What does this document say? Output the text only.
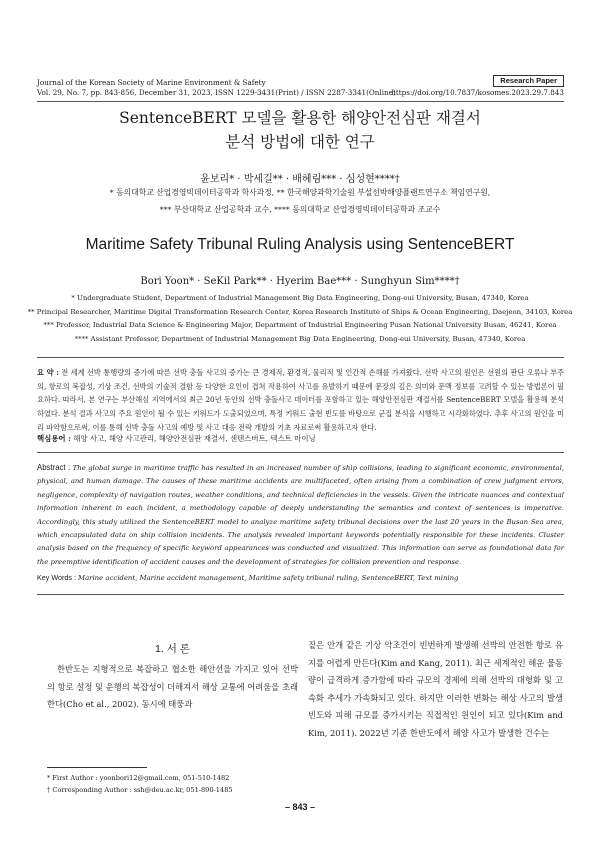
Journal of the Korean Society of Marine Environment & Safety	Research Paper
Vol. 29, No. 7, pp. 843-856, December 31, 2023, ISSN 1229-3431(Print) / ISSN 2287-3341(Online)
https://doi.org/10.7837/kosomes.2023.29.7.843
SentenceBERT 모델을 활용한 해양안전심판 재결서
분석 방법에 대한 연구
윤보리* · 박세길** · 배혜림*** · 심성현****†
* 동의대학교 산업경영빅데이터공학과 학사과정, ** 한국해양과학기술원 부설선박해양플랜트연구소 책임연구원,
*** 부산대학교 산업공학과 교수, **** 동의대학교 산업경영빅데이터공학과 조교수
Maritime Safety Tribunal Ruling Analysis using SentenceBERT
Bori Yoon* · SeKil Park** · Hyerim Bae*** · Sunghyun Sim****†
* Undergraduate Student, Department of Industrial Management Big Data Engineering, Dong-eui University, Busan, 47340, Korea
** Principal Researcher, Maritime Digital Transformation Research Center, Korea Research Institute of Ships & Ocean Engineering, Daejeon, 34103, Korea
*** Professor, Industrial Data Science & Engineering Major, Department of Industrial Engineering Pusan National University Busan, 46241, Korea
**** Assistant Professor, Department of Industrial Management Big Data Engineering, Dong-eui University, Busan, 47340, Korea
요 약 : 전 세계 선박 통행량의 증가에 따른 선박 충돌 사고의 증가는 큰 경제적, 환경적, 물리적 및 인간적 손해를 가져왔다. 선박 사고의 원인은 선원의 판단 오류나 부주의, 항로의 복잡성, 기상 조건, 선박의 기술적 결함 등 다양한 요인이 겹쳐 작용하여 사고를 유발하기 때문에 문장의 깊은 의미와 문맥 정보를 고려할 수 있는 방법론이 필요하다. 따라서, 본 연구는 부산해심 지역에서의 최근 20년 동안의 선박 충돌사고 데이터를 포함하고 있는 해양안전심판 재결서를 SentenceBERT 모델을 활용해 분석하였다. 분석 결과 사고의 주요 원인이 될 수 있는 키워드가 도출되었으며, 특정 키워드 출현 빈도를 바탕으로 군집 분석을 시행하고 시각화하였다. 추후 사고의 원인을 미리 파악함으로써, 이를 통해 선박 충돌 사고의 예방 및 사고 대응 전략 개발의 기초 자료로써 활용하고자 한다.
핵심용어 : 해양 사고, 해양 사고관리, 해양안전심판 재결서, 센텐스버트, 텍스트 마이닝
Abstract : The global surge in maritime traffic has resulted in an increased number of ship collisions, leading to significant economic, environmental, physical, and human damage. The causes of these maritime accidents are multifaceted, often arising from a combination of crew judgment errors, negligence, complexity of navigation routes, weather conditions, and technical deficiencies in the vessels. Given the intricate nuances and contextual information inherent in each incident, a methodology capable of deeply understanding the semantics and context of sentences is imperative. Accordingly, this study utilized the SentenceBERT model to analyze maritime safety tribunal decisions over the last 20 years in the Busan Sea area, which encapsulated data on ship collision incidents. The analysis revealed important keywords potentially responsible for these incidents. Cluster analysis based on the frequency of specific keyword appearances was conducted and visualized. This information can serve as foundational data for the preemptive identification of accident causes and the development of strategies for collision prevention and response.
Key Words : Marine accident, Marine accident management, Maritime safety tribunal ruling, SentenceBERT, Text mining
1. 서 론
한반도는 지형적으로 복잡하고 협소한 해안선을 가지고 있어 선박의 항로 설정 및 운행의 복잡성이 더해져서 해상 교통에 어려움을 초래한다(Cho et al., 2002). 동시에 태풍과
짙은 안개 같은 기상 악조건이 빈번하게 발생해 선박의 안전한 항로 유지를 어렵게 만든다(Kim and Kang, 2011). 최근 세계적인 해운 물동량이 급격하게 증가함에 따라 규모의 경제에 의해 선박의 대형화 및 고속화 추세가 가속화되고 있다. 하지만 이러한 변화는 해상 사고의 발생 빈도와 피해 규모를 증가시키는 직접적인 원인이 되고 있다(Kim and Kim, 2011). 2022년 기준 한반도에서 해양 사고가 발생한 건수는
* First Author : yoonbori12@gmail.com, 051-510-1482
† Corresponding Author : ssh@deu.ac.kr, 051-890-1485
– 843 –
